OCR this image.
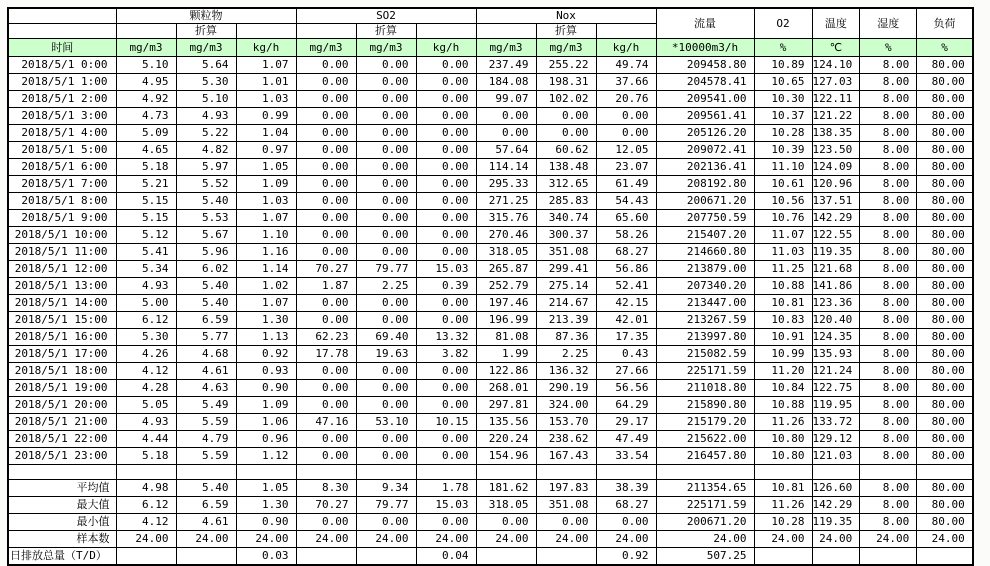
	颗粒物			SO2			Nox			流量	O2	温度	湿度	负荷
		折算			折算			折算						
时间	mg/m3	mg/m3	kg/h	mg/m3	mg/m3	kg/h	mg/m3	mg/m3	kg/h	*10000m3/h	%	℃	%	%
2018/5/1 0:00	5.10	5.64	1.07	0.00	0.00	0.00	237.49	255.22	49.74	209458.80	10.89	124.10	8.00	80.00
2018/5/1 1:00	4.95	5.30	1.01	0.00	0.00	0.00	184.08	198.31	37.66	204578.41	10.65	127.03	8.00	80.00
2018/5/1 2:00	4.92	5.10	1.03	0.00	0.00	0.00	99.07	102.02	20.76	209541.00	10.30	122.11	8.00	80.00
2018/5/1 3:00	4.73	4.93	0.99	0.00	0.00	0.00	0.00	0.00	0.00	209561.41	10.37	121.22	8.00	80.00
2018/5/1 4:00	5.09	5.22	1.04	0.00	0.00	0.00	0.00	0.00	0.00	205126.20	10.28	138.35	8.00	80.00
2018/5/1 5:00	4.65	4.82	0.97	0.00	0.00	0.00	57.64	60.62	12.05	209072.41	10.39	123.50	8.00	80.00
2018/5/1 6:00	5.18	5.97	1.05	0.00	0.00	0.00	114.14	138.48	23.07	202136.41	11.10	124.09	8.00	80.00
2018/5/1 7:00	5.21	5.52	1.09	0.00	0.00	0.00	295.33	312.65	61.49	208192.80	10.61	120.96	8.00	80.00
2018/5/1 8:00	5.15	5.40	1.03	0.00	0.00	0.00	271.25	285.83	54.43	200671.20	10.56	137.51	8.00	80.00
2018/5/1 9:00	5.15	5.53	1.07	0.00	0.00	0.00	315.76	340.74	65.60	207750.59	10.76	142.29	8.00	80.00
2018/5/1 10:00	5.12	5.67	1.10	0.00	0.00	0.00	270.46	300.37	58.26	215407.20	11.07	122.55	8.00	80.00
2018/5/1 11:00	5.41	5.96	1.16	0.00	0.00	0.00	318.05	351.08	68.27	214660.80	11.03	119.35	8.00	80.00
2018/5/1 12:00	5.34	6.02	1.14	70.27	79.77	15.03	265.87	299.41	56.86	213879.00	11.25	121.68	8.00	80.00
2018/5/1 13:00	4.93	5.40	1.02	1.87	2.25	0.39	252.79	275.14	52.41	207340.20	10.88	141.86	8.00	80.00
2018/5/1 14:00	5.00	5.40	1.07	0.00	0.00	0.00	197.46	214.67	42.15	213447.00	10.81	123.36	8.00	80.00
2018/5/1 15:00	6.12	6.59	1.30	0.00	0.00	0.00	196.99	213.39	42.01	213267.59	10.83	120.40	8.00	80.00
2018/5/1 16:00	5.30	5.77	1.13	62.23	69.40	13.32	81.08	87.36	17.35	213997.80	10.91	124.35	8.00	80.00
2018/5/1 17:00	4.26	4.68	0.92	17.78	19.63	3.82	1.99	2.25	0.43	215082.59	10.99	135.93	8.00	80.00
2018/5/1 18:00	4.12	4.61	0.93	0.00	0.00	0.00	122.86	136.32	27.66	225171.59	11.20	121.24	8.00	80.00
2018/5/1 19:00	4.28	4.63	0.90	0.00	0.00	0.00	268.01	290.19	56.56	211018.80	10.84	122.75	8.00	80.00
2018/5/1 20:00	5.05	5.49	1.09	0.00	0.00	0.00	297.81	324.00	64.29	215890.80	10.88	119.95	8.00	80.00
2018/5/1 21:00	4.93	5.59	1.06	47.16	53.10	10.15	135.56	153.70	29.17	215179.20	11.26	133.72	8.00	80.00
2018/5/1 22:00	4.44	4.79	0.96	0.00	0.00	0.00	220.24	238.62	47.49	215622.00	10.80	129.12	8.00	80.00
2018/5/1 23:00	5.18	5.59	1.12	0.00	0.00	0.00	154.96	167.43	33.54	216457.80	10.80	121.03	8.00	80.00

平均值	4.98	5.40	1.05	8.30	9.34	1.78	181.62	197.83	38.39	211354.65	10.81	126.60	8.00	80.00
最大值	6.12	6.59	1.30	70.27	79.77	15.03	318.05	351.08	68.27	225171.59	11.26	142.29	8.00	80.00
最小值	4.12	4.61	0.90	0.00	0.00	0.00	0.00	0.00	0.00	200671.20	10.28	119.35	8.00	80.00
样本数	24.00	24.00	24.00	24.00	24.00	24.00	24.00	24.00	24.00	24.00	24.00	24.00	24.00	24.00
日排放总量（T/D）			0.03			0.04			0.92	507.25				
